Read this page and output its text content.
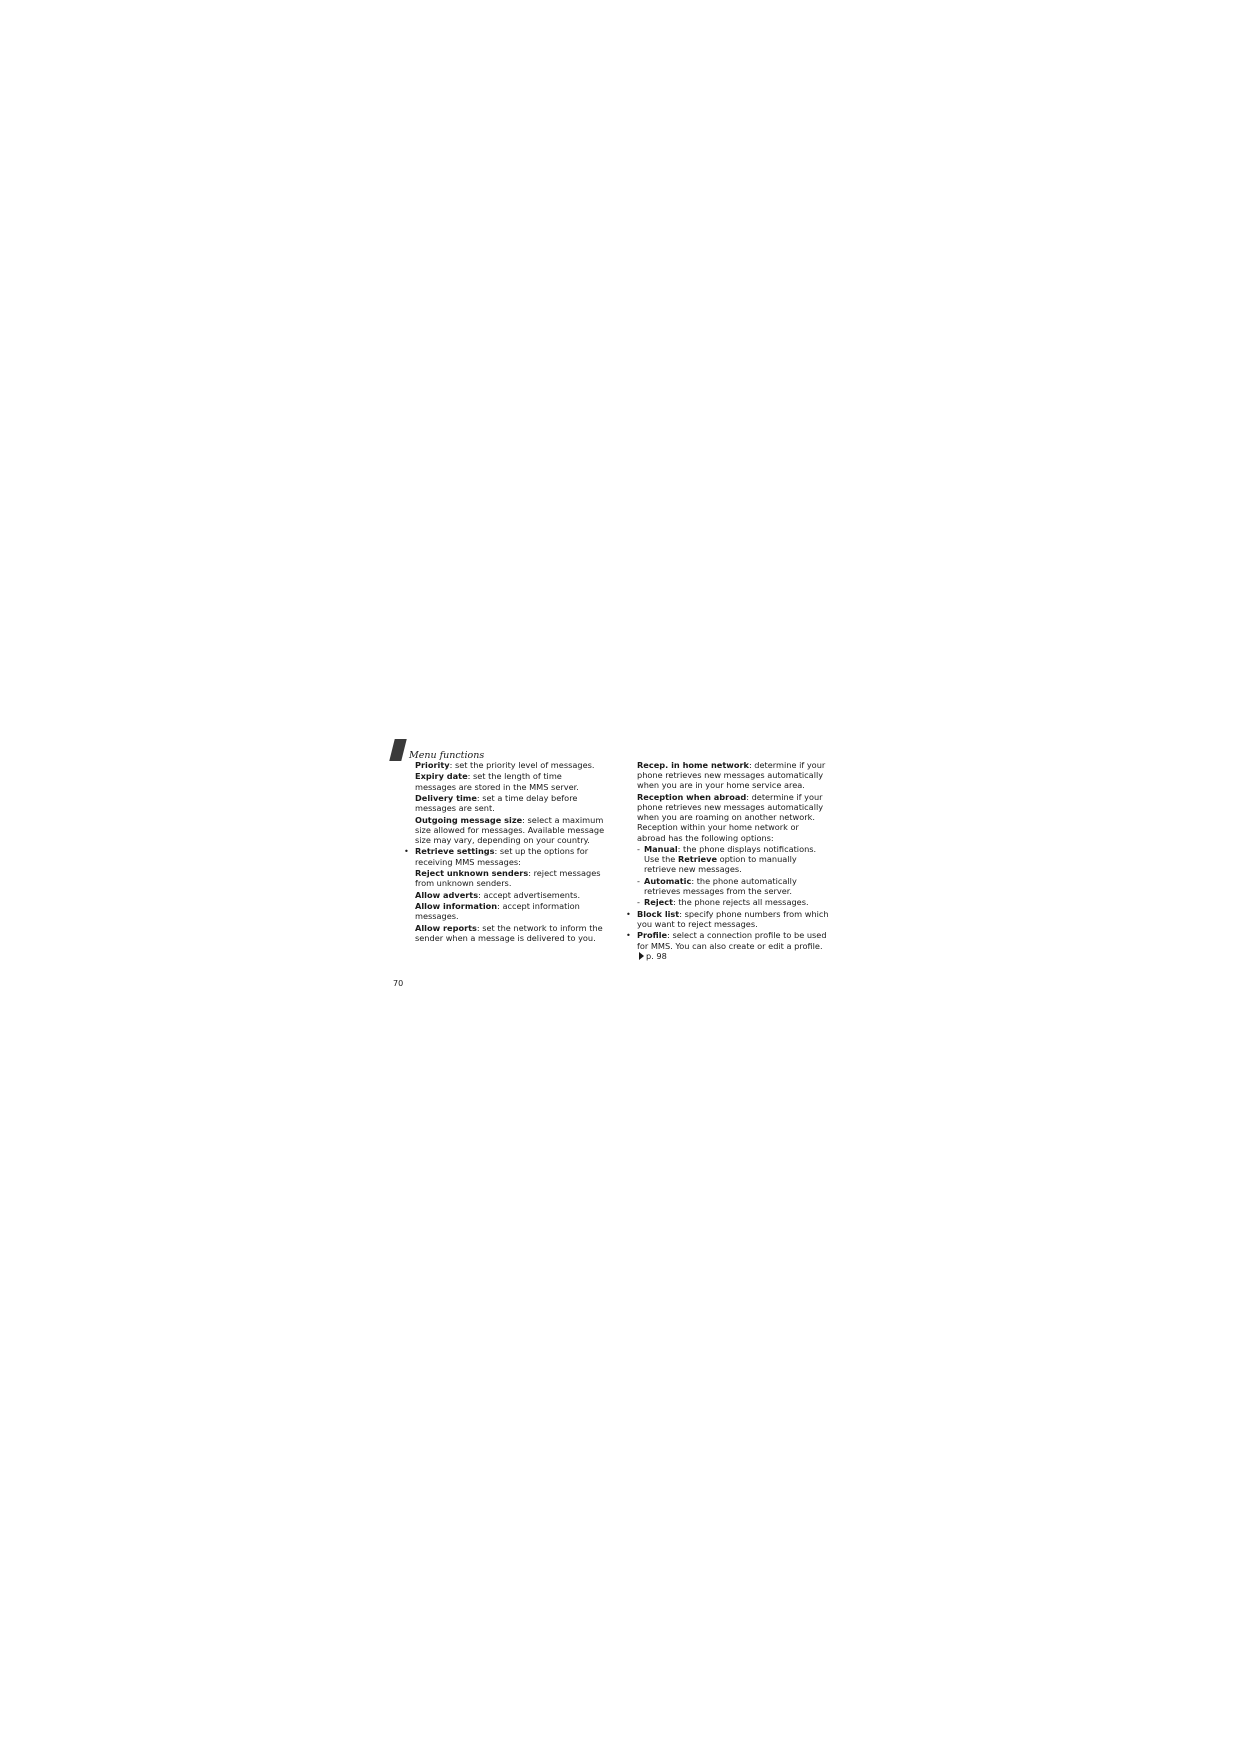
Menu functions
Priority: set the priority level of messages.
Expiry date: set the length of time messages are stored in the MMS server.
Delivery time: set a time delay before messages are sent.
Outgoing message size: select a maximum size allowed for messages. Available message size may vary, depending on your country.
• Retrieve settings: set up the options for receiving MMS messages:
Reject unknown senders: reject messages from unknown senders.
Allow adverts: accept advertisements.
Allow information: accept information messages.
Allow reports: set the network to inform the sender when a message is delivered to you.
Recep. in home network: determine if your phone retrieves new messages automatically when you are in your home service area.
Reception when abroad: determine if your phone retrieves new messages automatically when you are roaming on another network. Reception within your home network or abroad has the following options:
- Manual: the phone displays notifications. Use the Retrieve option to manually retrieve new messages.
- Automatic: the phone automatically retrieves messages from the server.
- Reject: the phone rejects all messages.
• Block list: specify phone numbers from which you want to reject messages.
• Profile: select a connection profile to be used for MMS. You can also create or edit a profile. p. 98
70
